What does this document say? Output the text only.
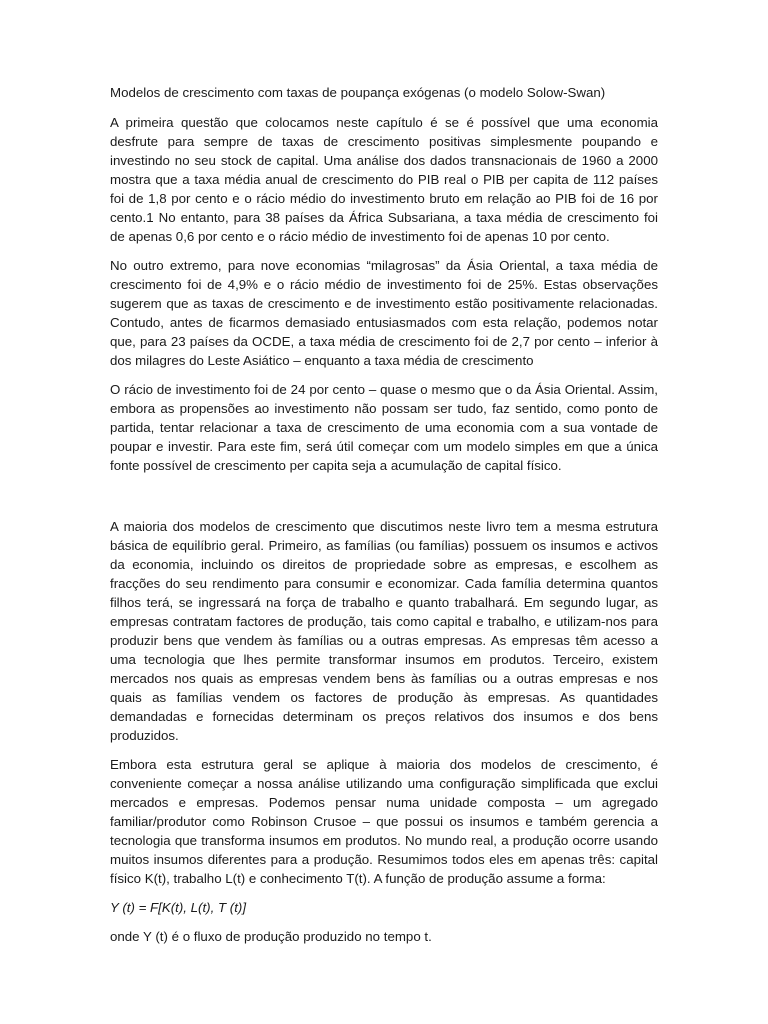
Modelos de crescimento com taxas de poupança exógenas (o modelo Solow-Swan)

A primeira questão que colocamos neste capítulo é se é possível que uma economia desfrute para sempre de taxas de crescimento positivas simplesmente poupando e investindo no seu stock de capital. Uma análise dos dados transnacionais de 1960 a 2000 mostra que a taxa média anual de crescimento do PIB real o PIB per capita de 112 países foi de 1,8 por cento e o rácio médio do investimento bruto em relação ao PIB foi de 16 por cento.1 No entanto, para 38 países da África Subsariana, a taxa média de crescimento foi de apenas 0,6 por cento e o rácio médio de investimento foi de apenas 10 por cento.

No outro extremo, para nove economias “milagrosas” da Ásia Oriental, a taxa média de crescimento foi de 4,9% e o rácio médio de investimento foi de 25%. Estas observações sugerem que as taxas de crescimento e de investimento estão positivamente relacionadas. Contudo, antes de ficarmos demasiado entusiasmados com esta relação, podemos notar que, para 23 países da OCDE, a taxa média de crescimento foi de 2,7 por cento – inferior à dos milagres do Leste Asiático – enquanto a taxa média de crescimento

O rácio de investimento foi de 24 por cento – quase o mesmo que o da Ásia Oriental. Assim, embora as propensões ao investimento não possam ser tudo, faz sentido, como ponto de partida, tentar relacionar a taxa de crescimento de uma economia com a sua vontade de poupar e investir. Para este fim, será útil começar com um modelo simples em que a única fonte possível de crescimento per capita seja a acumulação de capital físico.

A maioria dos modelos de crescimento que discutimos neste livro tem a mesma estrutura básica de equilíbrio geral. Primeiro, as famílias (ou famílias) possuem os insumos e activos da economia, incluindo os direitos de propriedade sobre as empresas, e escolhem as fracções do seu rendimento para consumir e economizar. Cada família determina quantos filhos terá, se ingressará na força de trabalho e quanto trabalhará. Em segundo lugar, as empresas contratam factores de produção, tais como capital e trabalho, e utilizam-nos para produzir bens que vendem às famílias ou a outras empresas. As empresas têm acesso a uma tecnologia que lhes permite transformar insumos em produtos. Terceiro, existem mercados nos quais as empresas vendem bens às famílias ou a outras empresas e nos quais as famílias vendem os factores de produção às empresas. As quantidades demandadas e fornecidas determinam os preços relativos dos insumos e dos bens produzidos.

Embora esta estrutura geral se aplique à maioria dos modelos de crescimento, é conveniente começar a nossa análise utilizando uma configuração simplificada que exclui mercados e empresas. Podemos pensar numa unidade composta – um agregado familiar/produtor como Robinson Crusoe – que possui os insumos e também gerencia a tecnologia que transforma insumos em produtos. No mundo real, a produção ocorre usando muitos insumos diferentes para a produção. Resumimos todos eles em apenas três: capital físico K(t), trabalho L(t) e conhecimento T(t). A função de produção assume a forma:

Y (t) = F[K(t), L(t), T (t)]

onde Y (t) é o fluxo de produção produzido no tempo t.
